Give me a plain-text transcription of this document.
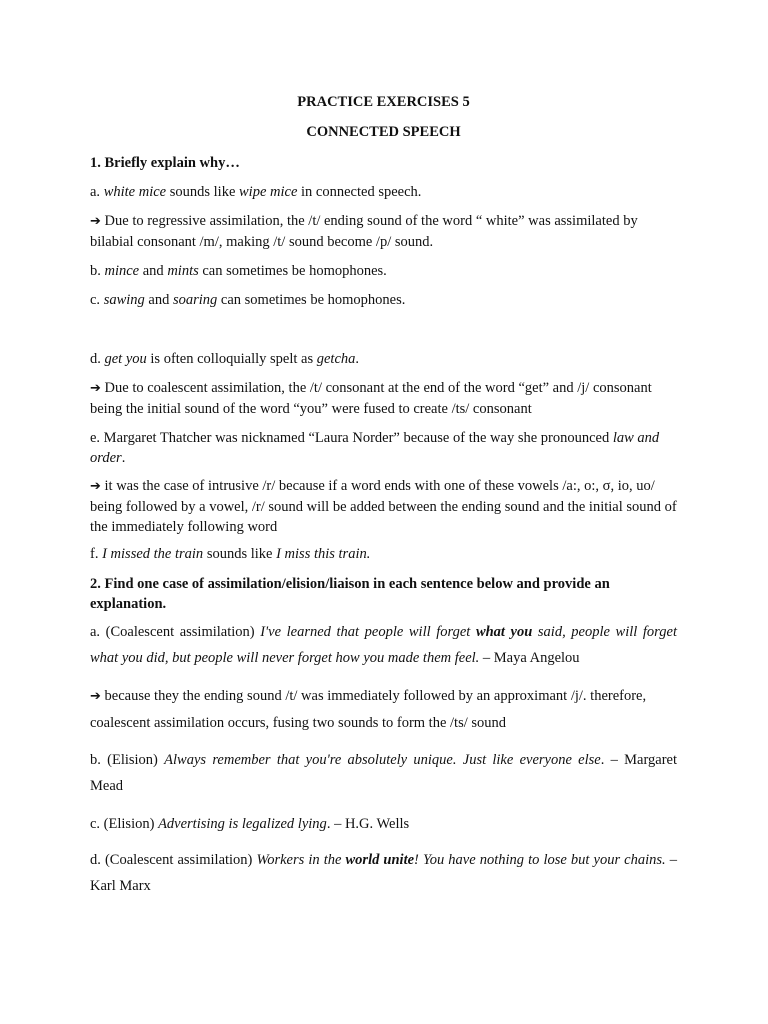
PRACTICE EXERCISES 5

CONNECTED SPEECH

1. Briefly explain why…

a. white mice sounds like wipe mice in connected speech.

➔ Due to regressive assimilation, the /t/ ending sound of the word “ white” was assimilated by bilabial consonant /m/, making /t/ sound become /p/ sound.

b. mince and mints can sometimes be homophones.

c. sawing and soaring can sometimes be homophones.

d. get you is often colloquially spelt as getcha.

➔ Due to coalescent assimilation, the /t/ consonant at the end of the word “get” and /j/ consonant being the initial sound of the word “you” were fused to create /ts/ consonant

e. Margaret Thatcher was nicknamed “Laura Norder” because of the way she pronounced law and order.

➔ it was the case of intrusive /r/ because if a word ends with one of these vowels /a:, o:, σ, io, uo/ being followed by a vowel, /r/ sound will be added between the ending sound and the initial sound of the immediately following word

f. I missed the train sounds like I miss this train.

2. Find one case of assimilation/elision/liaison in each sentence below and provide an explanation.

a. (Coalescent assimilation) I've learned that people will forget what you said, people will forget what you did, but people will never forget how you made them feel. – Maya Angelou

➔ because they the ending sound /t/ was immediately followed by an approximant /j/. therefore, coalescent assimilation occurs, fusing two sounds to form the /ts/ sound

b. (Elision) Always remember that you're absolutely unique. Just like everyone else. – Margaret Mead

c. (Elision) Advertising is legalized lying. – H.G. Wells

d. (Coalescent assimilation) Workers in the world unite! You have nothing to lose but your chains. – Karl Marx
